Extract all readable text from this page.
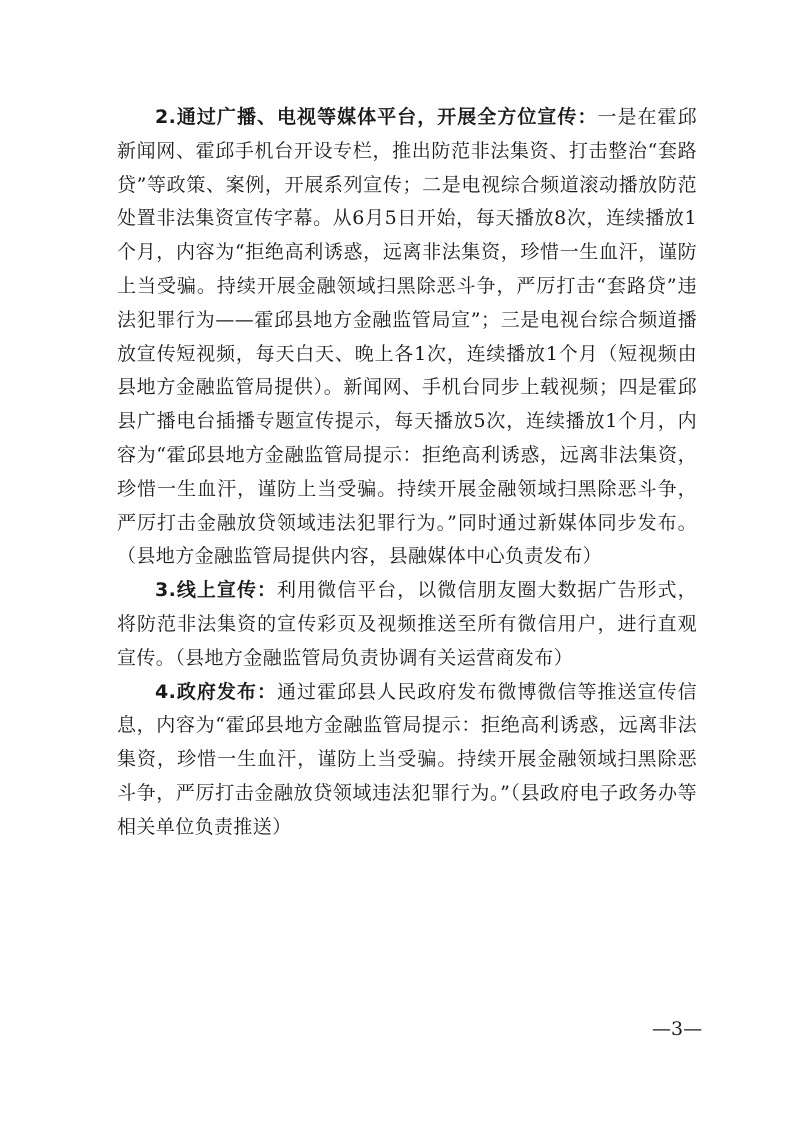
2.通过广播、电视等媒体平台，开展全方位宣传：一是在霍邱新闻网、霍邱手机台开设专栏，推出防范非法集资、打击整治“套路贷”等政策、案例，开展系列宣传；二是电视综合频道滚动播放防范处置非法集资宣传字幕。从6月5日开始，每天播放8次，连续播放1个月，内容为“拒绝高利诱惑，远离非法集资，珍惜一生血汗，谨防上当受骗。持续开展金融领域扫黑除恶斗争，严厉打击“套路贷”违法犯罪行为——霍邱县地方金融监管局宣”；三是电视台综合频道播放宣传短视频，每天白天、晚上各1次，连续播放1个月（短视频由县地方金融监管局提供）。新闻网、手机台同步上载视频；四是霍邱县广播电台插播专题宣传提示，每天播放5次，连续播放1个月，内容为“霍邱县地方金融监管局提示：拒绝高利诱惑，远离非法集资，珍惜一生血汗，谨防上当受骗。持续开展金融领域扫黑除恶斗争，严厉打击金融放贷领域违法犯罪行为。”同时通过新媒体同步发布。（县地方金融监管局提供内容，县融媒体中心负责发布）

3.线上宣传：利用微信平台，以微信朋友圈大数据广告形式，将防范非法集资的宣传彩页及视频推送至所有微信用户，进行直观宣传。（县地方金融监管局负责协调有关运营商发布）

4.政府发布：通过霍邱县人民政府发布微博微信等推送宣传信息，内容为“霍邱县地方金融监管局提示：拒绝高利诱惑，远离非法集资，珍惜一生血汗，谨防上当受骗。持续开展金融领域扫黑除恶斗争，严厉打击金融放贷领域违法犯罪行为。”（县政府电子政务办等相关单位负责推送）

—3—
